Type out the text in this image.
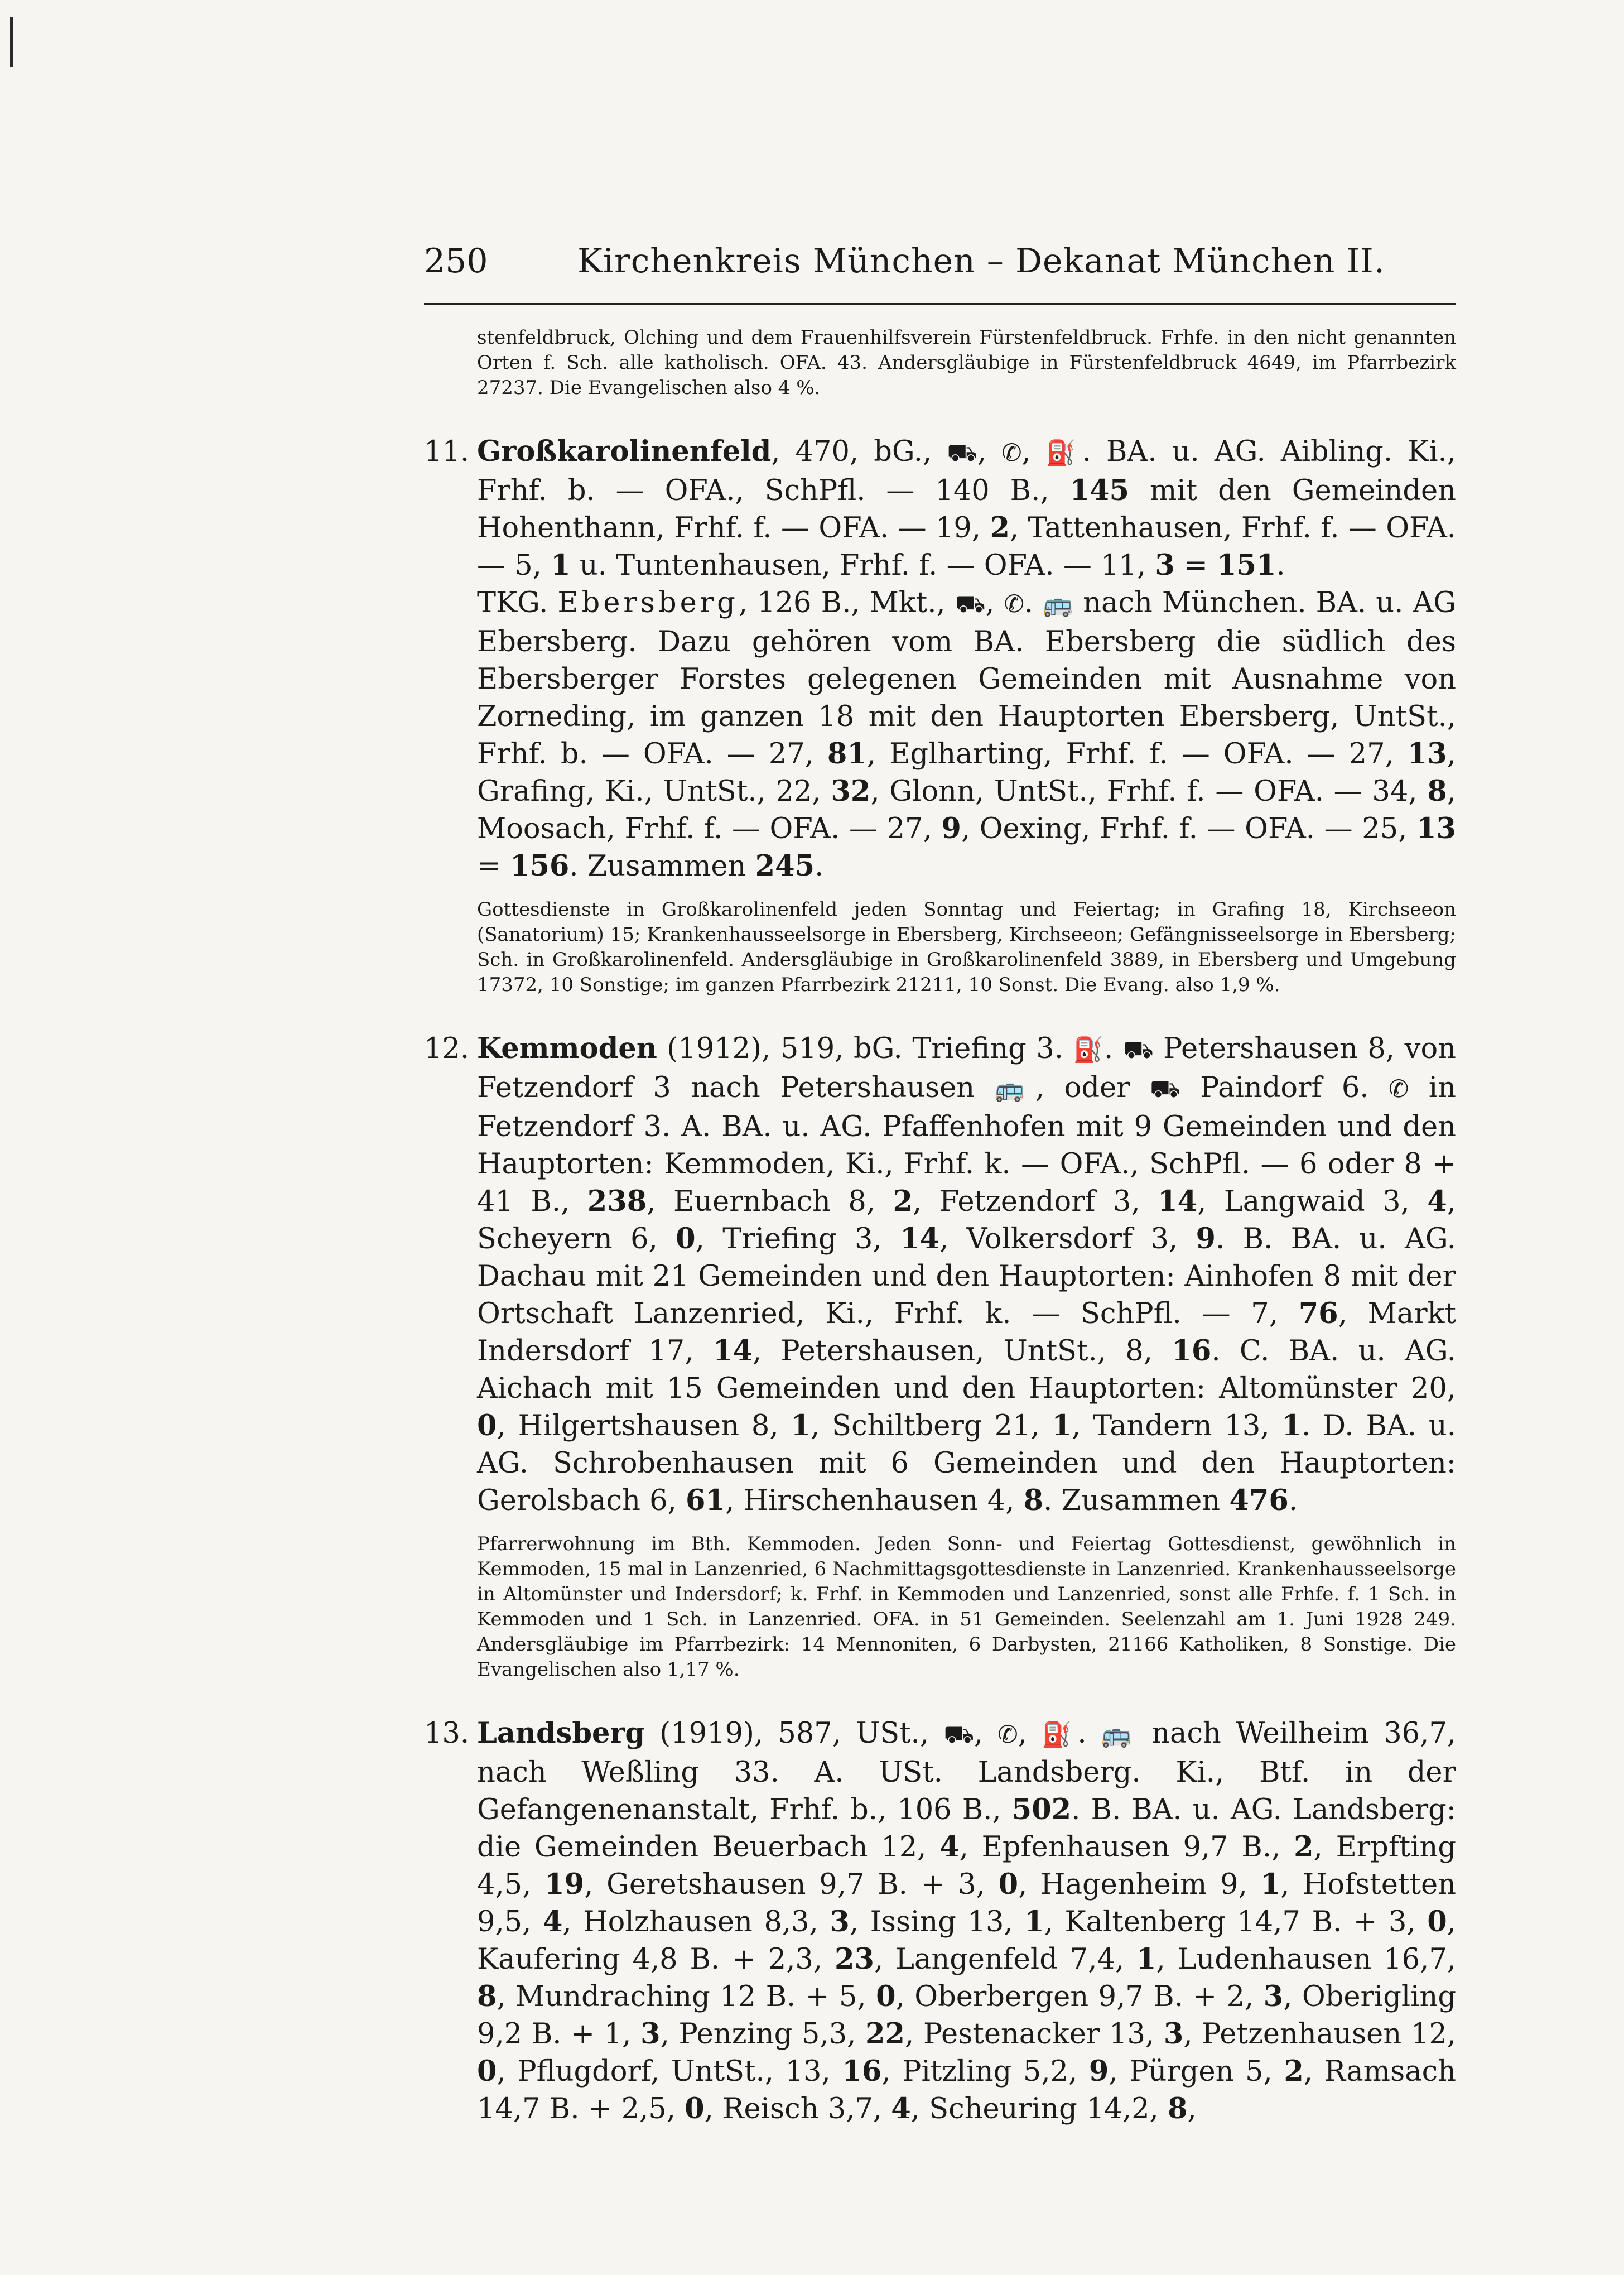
250	Kirchenkreis München – Dekanat München II.
stenfeldbruck, Olching und dem Frauenhilfsverein Fürstenfeldbruck. Frhfe. in den nicht genannten Orten f. Sch. alle katholisch. OFA. 43. Andersgläubige in Fürstenfeldbruck 4649, im Pfarrbezirk 27237. Die Evangelischen also 4 %.
11. Großkarolinenfeld, 470, bG., ⛟, ✆, ⛽. BA. u. AG. Aibling. Ki., Frhf. b. — OFA., SchPfl. — 140 B., 145 mit den Gemeinden Hohenthann, Frhf. f. — OFA. — 19, 2, Tattenhausen, Frhf. f. — OFA. — 5, 1 u. Tuntenhausen, Frhf. f. — OFA. — 11, 3 = 151.
TKG. Ebersberg, 126 B., Mkt., ⛟, ✆. 🚌 nach München. BA. u. AG Ebersberg. Dazu gehören vom BA. Ebersberg die südlich des Ebersberger Forstes gelegenen Gemeinden mit Ausnahme von Zorneding, im ganzen 18 mit den Hauptorten Ebersberg, UntSt., Frhf. b. — OFA. — 27, 81, Eglharting, Frhf. f. — OFA. — 27, 13, Grafing, Ki., UntSt., 22, 32, Glonn, UntSt., Frhf. f. — OFA. — 34, 8, Moosach, Frhf. f. — OFA. — 27, 9, Oexing, Frhf. f. — OFA. — 25, 13 = 156. Zusammen 245.
Gottesdienste in Großkarolinenfeld jeden Sonntag und Feiertag; in Grafing 18, Kirchseeon (Sanatorium) 15; Krankenhausseelsorge in Ebersberg, Kirchseeon; Gefängnisseelsorge in Ebersberg; Sch. in Großkarolinenfeld. Andersgläubige in Großkarolinenfeld 3889, in Ebersberg und Umgebung 17372, 10 Sonstige; im ganzen Pfarrbezirk 21211, 10 Sonst. Die Evang. also 1,9 %.
12. Kemmoden (1912), 519, bG. Triefing 3. ⛽. ⛟ Petershausen 8, von Fetzendorf 3 nach Petershausen 🚌, oder ⛟ Paindorf 6. ✆ in Fetzendorf 3. A. BA. u. AG. Pfaffenhofen mit 9 Gemeinden und den Hauptorten: Kemmoden, Ki., Frhf. k. — OFA., SchPfl. — 6 oder 8 + 41 B., 238, Euernbach 8, 2, Fetzendorf 3, 14, Langwaid 3, 4, Scheyern 6, 0, Triefing 3, 14, Volkersdorf 3, 9. B. BA. u. AG. Dachau mit 21 Gemeinden und den Hauptorten: Ainhofen 8 mit der Ortschaft Lanzenried, Ki., Frhf. k. — SchPfl. — 7, 76, Markt Indersdorf 17, 14, Petershausen, UntSt., 8, 16. C. BA. u. AG. Aichach mit 15 Gemeinden und den Hauptorten: Altomünster 20, 0, Hilgertshausen 8, 1, Schiltberg 21, 1, Tandern 13, 1. D. BA. u. AG. Schrobenhausen mit 6 Gemeinden und den Hauptorten: Gerolsbach 6, 61, Hirschenhausen 4, 8. Zusammen 476.
Pfarrerwohnung im Bth. Kemmoden. Jeden Sonn- und Feiertag Gottesdienst, gewöhnlich in Kemmoden, 15 mal in Lanzenried, 6 Nachmittagsgottesdienste in Lanzenried. Krankenhausseelsorge in Altomünster und Indersdorf; k. Frhf. in Kemmoden und Lanzenried, sonst alle Frhfe. f. 1 Sch. in Kemmoden und 1 Sch. in Lanzenried. OFA. in 51 Gemeinden. Seelenzahl am 1. Juni 1928 249. Andersgläubige im Pfarrbezirk: 14 Mennoniten, 6 Darbysten, 21166 Katholiken, 8 Sonstige. Die Evangelischen also 1,17 %.
13. Landsberg (1919), 587, USt., ⛟, ✆, ⛽. 🚌 nach Weilheim 36,7, nach Weßling 33. A. USt. Landsberg. Ki., Btf. in der Gefangenenanstalt, Frhf. b., 106 B., 502. B. BA. u. AG. Landsberg: die Gemeinden Beuerbach 12, 4, Epfenhausen 9,7 B., 2, Erpfting 4,5, 19, Geretshausen 9,7 B. + 3, 0, Hagenheim 9, 1, Hofstetten 9,5, 4, Holzhausen 8,3, 3, Issing 13, 1, Kaltenberg 14,7 B. + 3, 0, Kaufering 4,8 B. + 2,3, 23, Langenfeld 7,4, 1, Ludenhausen 16,7, 8, Mundraching 12 B. + 5, 0, Oberbergen 9,7 B. + 2, 3, Oberigling 9,2 B. + 1, 3, Penzing 5,3, 22, Pestenacker 13, 3, Petzenhausen 12, 0, Pflugdorf, UntSt., 13, 16, Pitzling 5,2, 9, Pürgen 5, 2, Ramsach 14,7 B. + 2,5, 0, Reisch 3,7, 4, Scheuring 14,2, 8,
